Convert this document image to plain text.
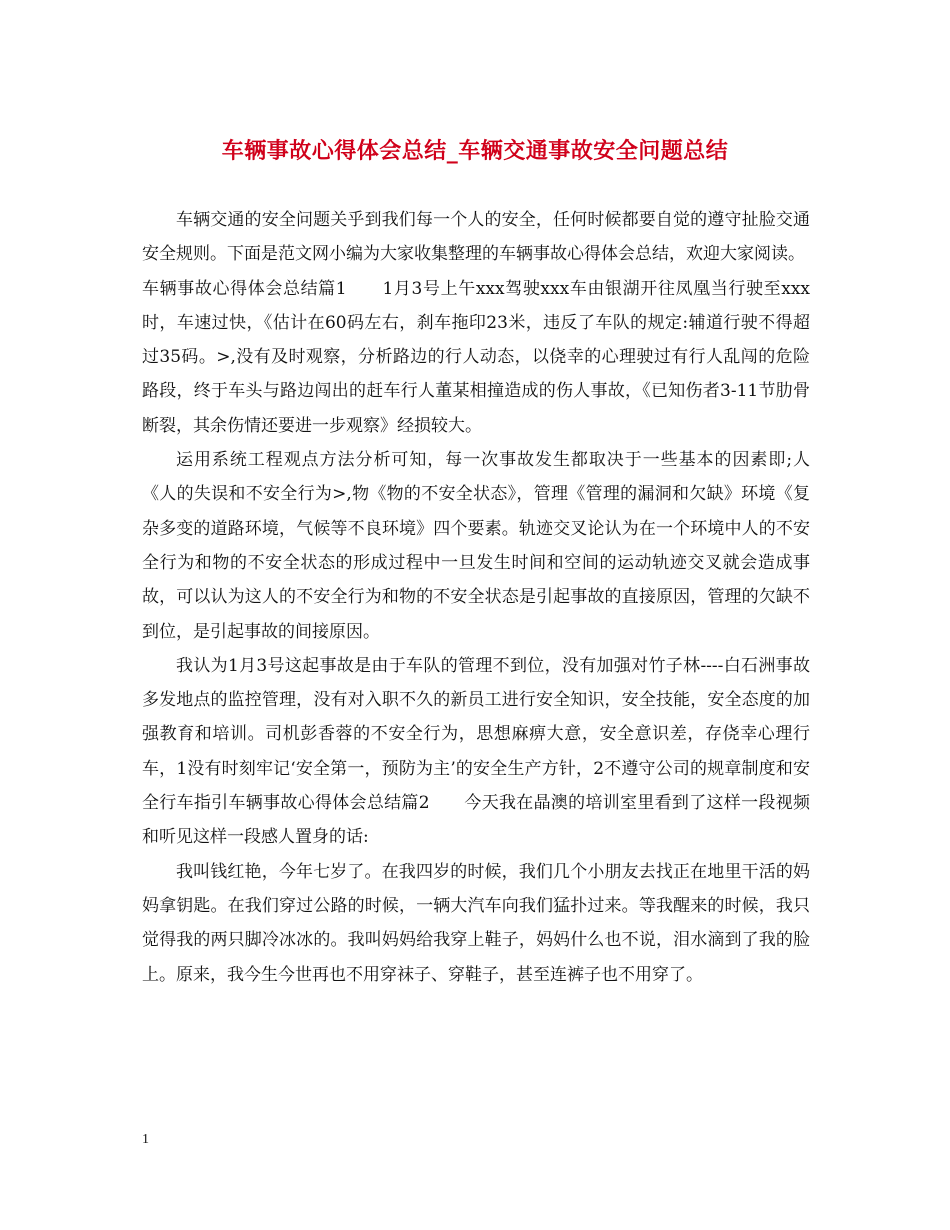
车辆事故心得体会总结_车辆交通事故安全问题总结

车辆交通的安全问题关乎到我们每一个人的安全，任何时候都要自觉的遵守扯脸交通安全规则。下面是范文网小编为大家收集整理的车辆事故心得体会总结，欢迎大家阅读。

车辆事故心得体会总结篇1　　1月3号上午xxx驾驶xxx车由银湖开往凤凰当行驶至xxx时，车速过快，《估计在60码左右，刹车拖印23米，违反了车队的规定:辅道行驶不得超过35码。>,没有及时观察，分析路边的行人动态，以侥幸的心理驶过有行人乱闯的危险路段，终于车头与路边闯出的赶车行人董某相撞造成的伤人事故，《已知伤者3-11节肋骨断裂，其余伤情还要进一步观察》经损较大。

运用系统工程观点方法分析可知，每一次事故发生都取决于一些基本的因素即;人《人的失误和不安全行为>,物《物的不安全状态》，管理《管理的漏洞和欠缺》环境《复杂多变的道路环境，气候等不良环境》四个要素。轨迹交叉论认为在一个环境中人的不安全行为和物的不安全状态的形成过程中一旦发生时间和空间的运动轨迹交叉就会造成事故，可以认为这人的不安全行为和物的不安全状态是引起事故的直接原因，管理的欠缺不到位，是引起事故的间接原因。

我认为1月3号这起事故是由于车队的管理不到位，没有加强对竹子林----白石洲事故多发地点的监控管理，没有对入职不久的新员工进行安全知识，安全技能，安全态度的加强教育和培训。司机彭香蓉的不安全行为，思想麻痹大意，安全意识差，存侥幸心理行车，1没有时刻牢记‘安全第一，预防为主’的安全生产方针，2不遵守公司的规章制度和安全行车指引车辆事故心得体会总结篇2　　今天我在晶澳的培训室里看到了这样一段视频和听见这样一段感人置身的话:

我叫钱红艳，今年七岁了。在我四岁的时候，我们几个小朋友去找正在地里干活的妈妈拿钥匙。在我们穿过公路的时候，一辆大汽车向我们猛扑过来。等我醒来的时候，我只觉得我的两只脚冷冰冰的。我叫妈妈给我穿上鞋子，妈妈什么也不说，泪水滴到了我的脸上。原来，我今生今世再也不用穿袜子、穿鞋子，甚至连裤子也不用穿了。

1
